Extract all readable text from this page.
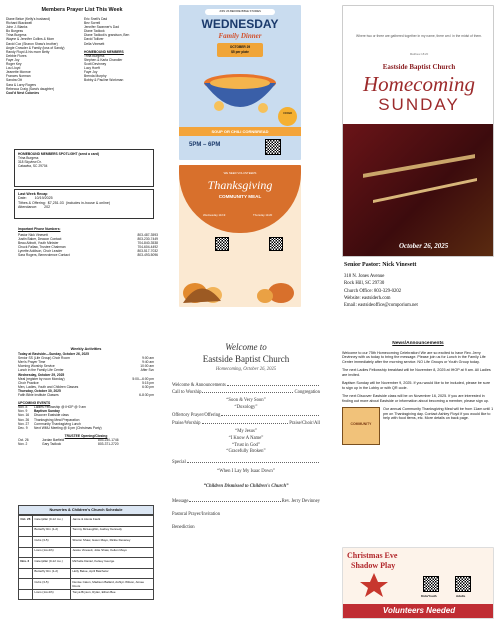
Members Prayer List This Week
Diane Belue (Kelly's husband)
Richard Blackwell
John J. Blanks
Bo Burgess
Trina Burgess
Wayne & Jennifer Collins & Mom
David Cox (Sharon Shaw's brother)
Angie Crowder & Family (loss of Sandy)
Randy Floyd & his mom Betty
Debbie Flores
Faye Joy
Roger Key
Lou Lloyd
Jeanette Monroe
Frances Norman
Sandra Ott
Sara & Larry Rogers
Rebecca Craig (Sara's daughter)
Cool'd Nest Colonies
Eric Snell's Dad
Bev Sorrell
Jennifer Swanner's Dad
Diane Tadlock
Diane Tadlock's grandson, Ben
David Tolliver
Della Vinesett
HOMEBOUND MEMBERS
Trina Burgess
Stephen & Karla Chandler
Scott Devinney
Lucy Hoeft
Faye Joy
Brenda Murphy
Bobby & Pauline Workman
HOMEBOUND MEMBERS SPOTLIGHT (send a card)
Trina Burgess
318 Skyview Dr.
Catawba, SC 29704
Last Week Recap
Date:        10/19/2025
Tithes & Offering:  $7,251.03  (includes in-house & online)
Attendance:       202
Important Phone Numbers:
Pastor Nick Vinesett	803-487-3593
Justin Baker, Deacon Contact	803-230-7449
Beau Abbott, Youth Minister	704-840-3538
Chuck Fallaw, Trustee Chairman	704-604-4492
Lynette Addison, Choir Leader	803-517-7032
Sara Rogers, Benevolence Contact	803-493-5096
JOIN US BEFORE BIBLE STUDIES
WEDNESDAY
Family Dinner
OCTOBER 29
$5 per plate
ORDER
SOUP OR CHILI CORNBREAD
5PM – 6PM
WE NEED VOLUNTEERS
Thanksgiving
COMMUNITY MEAL
Wednesday 11/19	Thursday 11/20
Where two or three are gathered together in my name, there am I in the midst of them.
Matthew 18:20
Eastside Baptist Church
Homecoming
SUNDAY
October 26, 2025
Senior Pastor: Nick Vinesett
318 N. Jones Avenue
Rock Hill, SC 29730
Church Office: 803-329-0202
Website: eastsiderh.com
Email: eastsideoffice@comporium.net
Weekly Activities
Today at Eastside—Sunday, October 26, 2025
Senior SS (Life Group) Choir Room	9:00 am
Men's Prayer Time	9:40 am
Morning Worship Service	10:00 am
Lunch in the Family Life Center	After Svc
Wednesday, October 29, 2025
Meal (register by noon Monday)	5:00—6:00 pm
Choir Practice	5:15 pm
Men, Ladies, Youth and Children Classes	6:30 pm
Thursday, October 30, 2025
Faith Bible Institute Classes	6-8:30 pm
UPCOMING EVENTS
Nov. 8	Ladies Fellowship @ IHOP @ 9 am
Nov. 9	Baptism Sunday
Nov. 16	Discover Eastside class
Nov. 26	Thanksgiving Meal Preparation
Nov. 27	Community Thanksgiving Lunch
Dec. 9	Next WMU Meeting @ 6 pm (Christmas Party)
TRUSTEE Opening/Closing
Oct. 26	Jordan Barfield	803-230-1746
Nov. 2	Gary Tadlock	803-371-2720
Nurseries & Children's Church Schedule
Oct. 26	Caterpillar (0-12 mo.)	Jamie & Alexia Faulk
	Butterfly Rm (1-2)	Tommy McLaughlin, Audrey Kennedy
	Cubs (3-5)	Sharon Shaw, Gwen Mayo, Rickie Devaney
	Lions (1st-4th)	Jessie Vinesett, Jolie Shaw, Kelton Mayo
Nov. 2	Caterpillar (0-12 mo.)	Michelle Daniel, Kelsey George
	Butterfly Rm (1-2)	Holly Belue, April Batchelor
	Cubs (3-5)	Denise Caton, Madison Ballard, Ashlyn Wilson, Aimee Roots
	Lions (1st-4th)	Tonya Bryson, Rylan, Ethan Bee
Welcome to
Eastside Baptist Church
Homecoming, October 26, 2025
Welcome & Announcements
Call to Worship	Congregation
“Soon & Very Soon”
“Doxology”
Offertory Prayer/Offering
Praise/Worship	Praise/Choir/All
“My Jesus”
“I Know A Name”
“Trust in God”
“Gracefully Broken”
Special
“When I Lay My Isaac Down”
“Children Dismissed to Children's Church”
Message	Rev. Jerry Devinney
Pastoral Prayer/Invitation
Benediction
News/Announcements

Welcome to our 75th Homecoming Celebration! We are so excited to have Rev. Jerry Devinney with us today to bring the message. Please join us for Lunch in the Family Life Center immediately after the morning service. NO Life Groups or Youth Group today.

The next Ladies Fellowship breakfast will be November 8, 2025 at IHOP at 9 am. All Ladies are invited.

Baptism Sunday will be November 9, 2025. If you would like to be included, please be sure to sign up in the Lobby or with QR code.

The next Discover Eastside class will be on November 16, 2025. If you are interested in finding out more about Eastside or information about becoming a member, please sign up.

COMMUNITY

Our annual Community Thanksgiving Meal will be from 11am until 1 pm on Thanksgiving day. Contact Ashley Floyd if you would like to help with food items, etc. More details on back page.

Christmas Eve
Shadow Play
Kids/Youth	Adults
Volunteers Needed
